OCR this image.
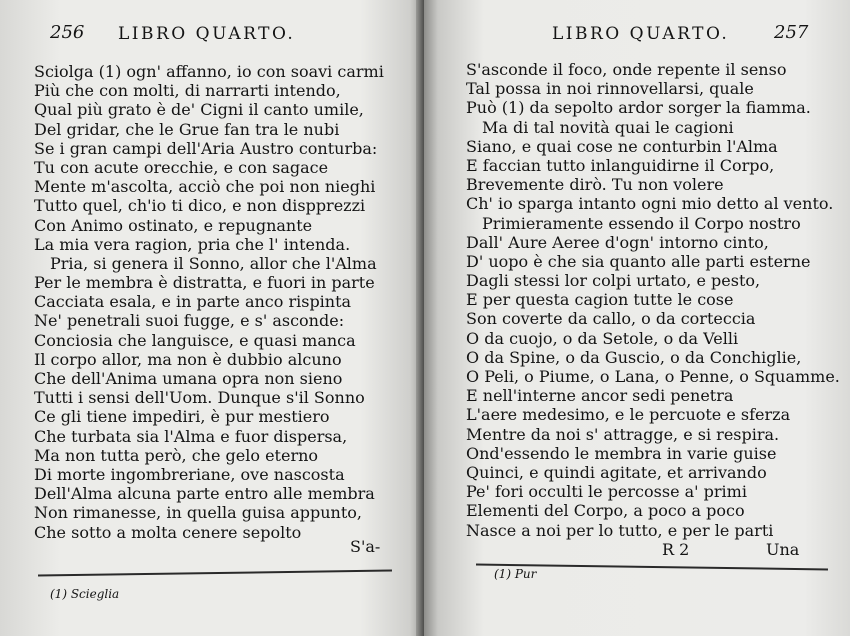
256 LIBRO QUARTO.
Sciolga (1) ogn' affanno, io con soavi carmi
Più che con molti, di narrarti intendo,
Qual più grato è de' Cigni il canto umile,
Del gridar, che le Grue fan tra le nubi
Se i gran campi dell'Aria Austro conturba:
Tu con acute orecchie, e con sagace
Mente m'ascolta, acciò che poi non nieghi
Tutto quel, ch'io ti dico, e non dispprezzi
Con Animo ostinato, e repugnante
La mia vera ragion, pria che l' intenda.
Pria, si genera il Sonno, allor che l'Alma
Per le membra è distratta, e fuori in parte
Cacciata esala, e in parte anco rispinta
Ne' penetrali suoi fugge, e s' asconde:
Conciosia che languisce, e quasi manca
Il corpo allor, ma non è dubbio alcuno
Che dell'Anima umana opra non sieno
Tutti i sensi dell'Uom. Dunque s'il Sonno
Ce gli tiene impediri, è pur mestiero
Che turbata sia l'Alma e fuor dispersa,
Ma non tutta però, che gelo eterno
Di morte ingombreriane, ove nascosta
Dell'Alma alcuna parte entro alle membra
Non rimanesse, in quella guisa appunto,
Che sotto a molta cenere sepolto
S'a-
(1) Scieglia
LIBRO QUARTO. 257
S'asconde il foco, onde repente il senso
Tal possa in noi rinnovellarsi, quale
Può (1) da sepolto ardor sorger la fiamma.
Ma di tal novità quai le cagioni
Siano, e quai cose ne conturbin l'Alma
E faccian tutto inlanguidirne il Corpo,
Brevemente dirò. Tu non volere
Ch' io sparga intanto ogni mio detto al vento.
Primieramente essendo il Corpo nostro
Dall' Aure Aeree d'ogn' intorno cinto,
D' uopo è che sia quanto alle parti esterne
Dagli stessi lor colpi urtato, e pesto,
E per questa cagion tutte le cose
Son coverte da callo, o da corteccia
O da cuojo, o da Setole, o da Velli
O da Spine, o da Guscio, o da Conchiglie,
O Peli, o Piume, o Lana, o Penne, o Squamme.
E nell'interne ancor sedi penetra
L'aere medesimo, e le percuote e sferza
Mentre da noi s' attragge, e si respira.
Ond'essendo le membra in varie guise
Quinci, e quindi agitate, et arrivando
Pe' fori occulti le percosse a' primi
Elementi del Corpo, a poco a poco
Nasce a noi per lo tutto, e per le parti
R 2	Una
(1) Pur
